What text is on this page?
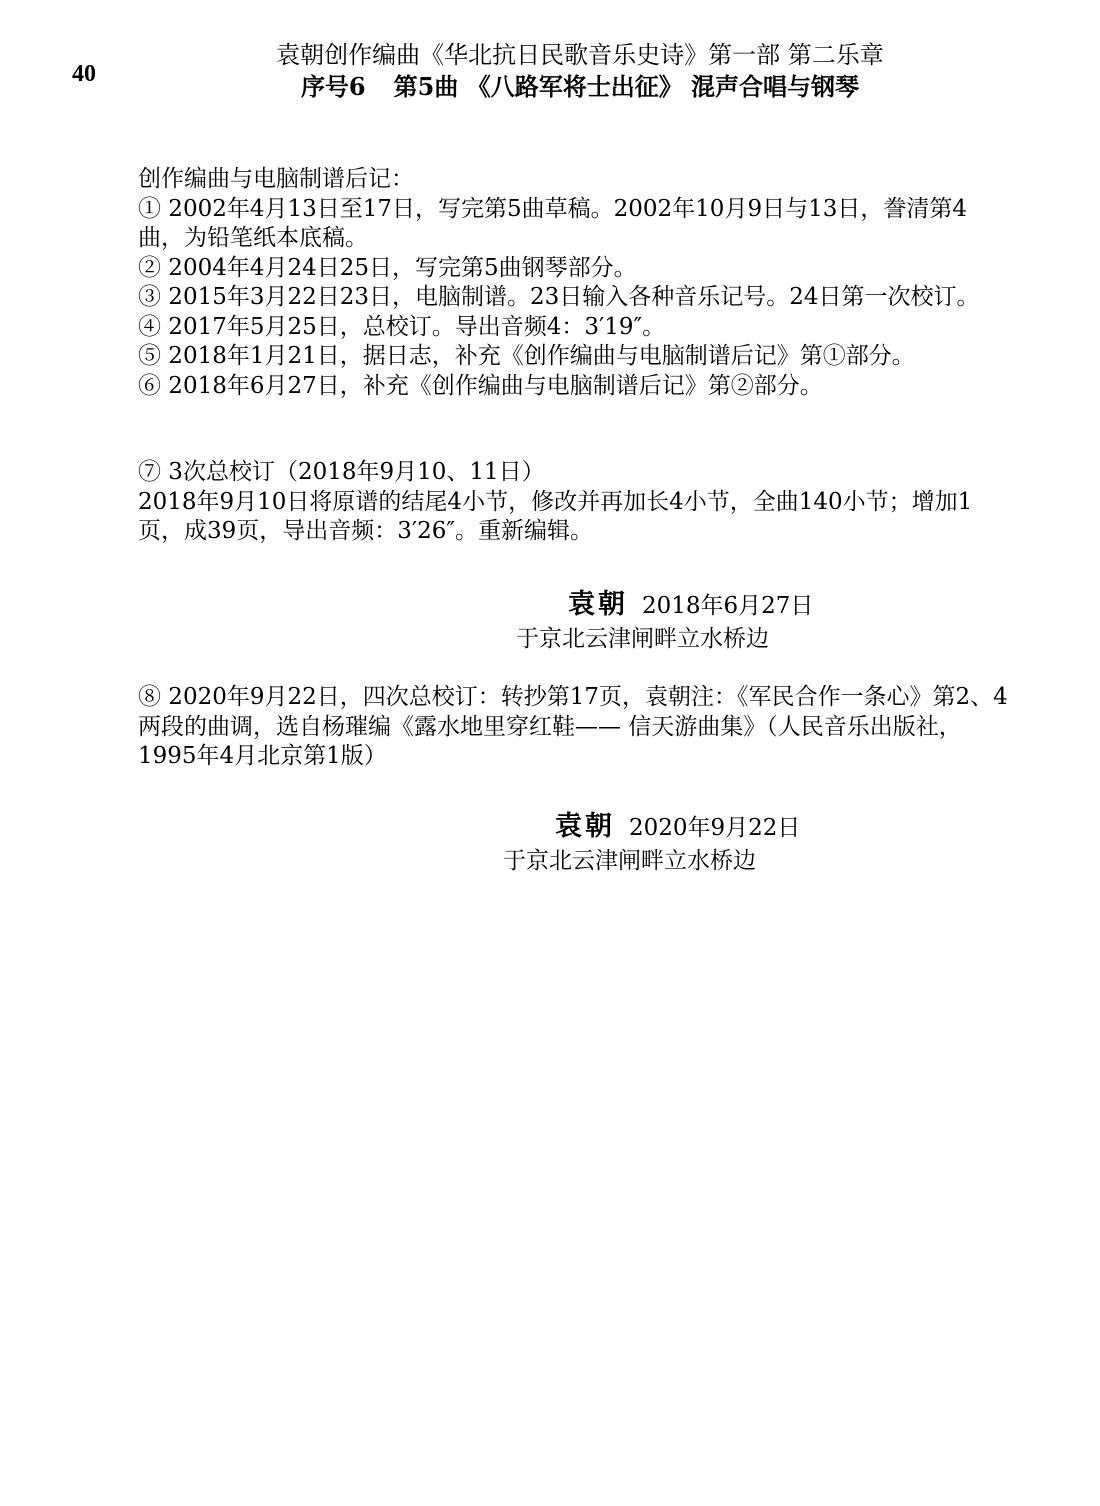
40
袁朝创作编曲《华北抗日民歌音乐史诗》第一部 第二乐章
序号6 第5曲 《八路军将士出征》 混声合唱与钢琴

创作编曲与电脑制谱后记：

① 2002年4月13日至17日，写完第5曲草稿。2002年10月9日与13日，誊清第4曲，为铅笔纸本底稿。

② 2004年4月24日25日，写完第5曲钢琴部分。

③ 2015年3月22日23日，电脑制谱。23日输入各种音乐记号。24日第一次校订。

④ 2017年5月25日，总校订。导出音频4：3′19″。

⑤ 2018年1月21日，据日志，补充《创作编曲与电脑制谱后记》第①部分。

⑥ 2018年6月27日，补充《创作编曲与电脑制谱后记》第②部分。

⑦ 3次总校订（2018年9月10、11日）

2018年9月10日将原谱的结尾4小节，修改并再加长4小节，全曲140小节；增加1页，成39页，导出音频：3′26″。重新编辑。

袁朝 2018年6月27日
于京北云津闸畔立水桥边

⑧ 2020年9月22日，四次总校订：转抄第17页，袁朝注：《军民合作一条心》第2、4两段的曲调，选自杨璀编《露水地里穿红鞋—— 信天游曲集》（人民音乐出版社，1995年4月北京第1版）

袁朝 2020年9月22日
于京北云津闸畔立水桥边
